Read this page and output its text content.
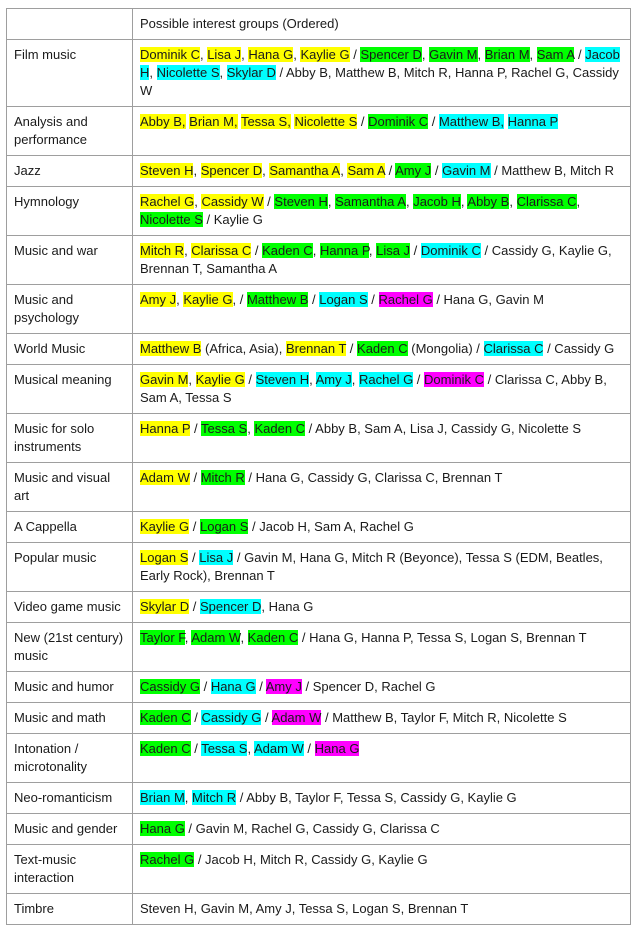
	Possible interest groups (Ordered)
Film music	Dominik C, Lisa J, Hana G, Kaylie G / Spencer D, Gavin M, Brian M, Sam A / Jacob H, Nicolette S, Skylar D / Abby B, Matthew B, Mitch R, Hanna P, Rachel G, Cassidy W
Analysis and performance	Abby B, Brian M, Tessa S, Nicolette S / Dominik C / Matthew B, Hanna P
Jazz	Steven H, Spencer D, Samantha A, Sam A / Amy J / Gavin M / Matthew B, Mitch R
Hymnology	Rachel G, Cassidy W / Steven H, Samantha A, Jacob H, Abby B, Clarissa C, Nicolette S / Kaylie G
Music and war	Mitch R, Clarissa C / Kaden C, Hanna P, Lisa J / Dominik C / Cassidy G, Kaylie G, Brennan T, Samantha A
Music and psychology	Amy J, Kaylie G, / Matthew B / Logan S / Rachel G / Hana G, Gavin M
World Music	Matthew B (Africa, Asia), Brennan T / Kaden C (Mongolia) / Clarissa C / Cassidy G
Musical meaning	Gavin M, Kaylie G / Steven H, Amy J, Rachel G / Dominik C / Clarissa C, Abby B, Sam A, Tessa S
Music for solo instruments	Hanna P / Tessa S, Kaden C / Abby B, Sam A, Lisa J, Cassidy G, Nicolette S
Music and visual art	Adam W / Mitch R / Hana G, Cassidy G, Clarissa C, Brennan T
A Cappella	Kaylie G / Logan S / Jacob H, Sam A, Rachel G
Popular music	Logan S / Lisa J / Gavin M, Hana G, Mitch R (Beyonce), Tessa S (EDM, Beatles, Early Rock), Brennan T
Video game music	Skylar D / Spencer D, Hana G
New (21st century) music	Taylor F, Adam W, Kaden C / Hana G, Hanna P, Tessa S, Logan S, Brennan T
Music and humor	Cassidy G / Hana G / Amy J / Spencer D, Rachel G
Music and math	Kaden C / Cassidy G / Adam W / Matthew B, Taylor F, Mitch R, Nicolette S
Intonation / microtonality	Kaden C / Tessa S, Adam W / Hana G
Neo-romanticism	Brian M, Mitch R / Abby B, Taylor F, Tessa S, Cassidy G, Kaylie G
Music and gender	Hana G / Gavin M, Rachel G, Cassidy G, Clarissa C
Text-music interaction	Rachel G / Jacob H, Mitch R, Cassidy G, Kaylie G
Timbre	Steven H, Gavin M, Amy J, Tessa S, Logan S, Brennan T
